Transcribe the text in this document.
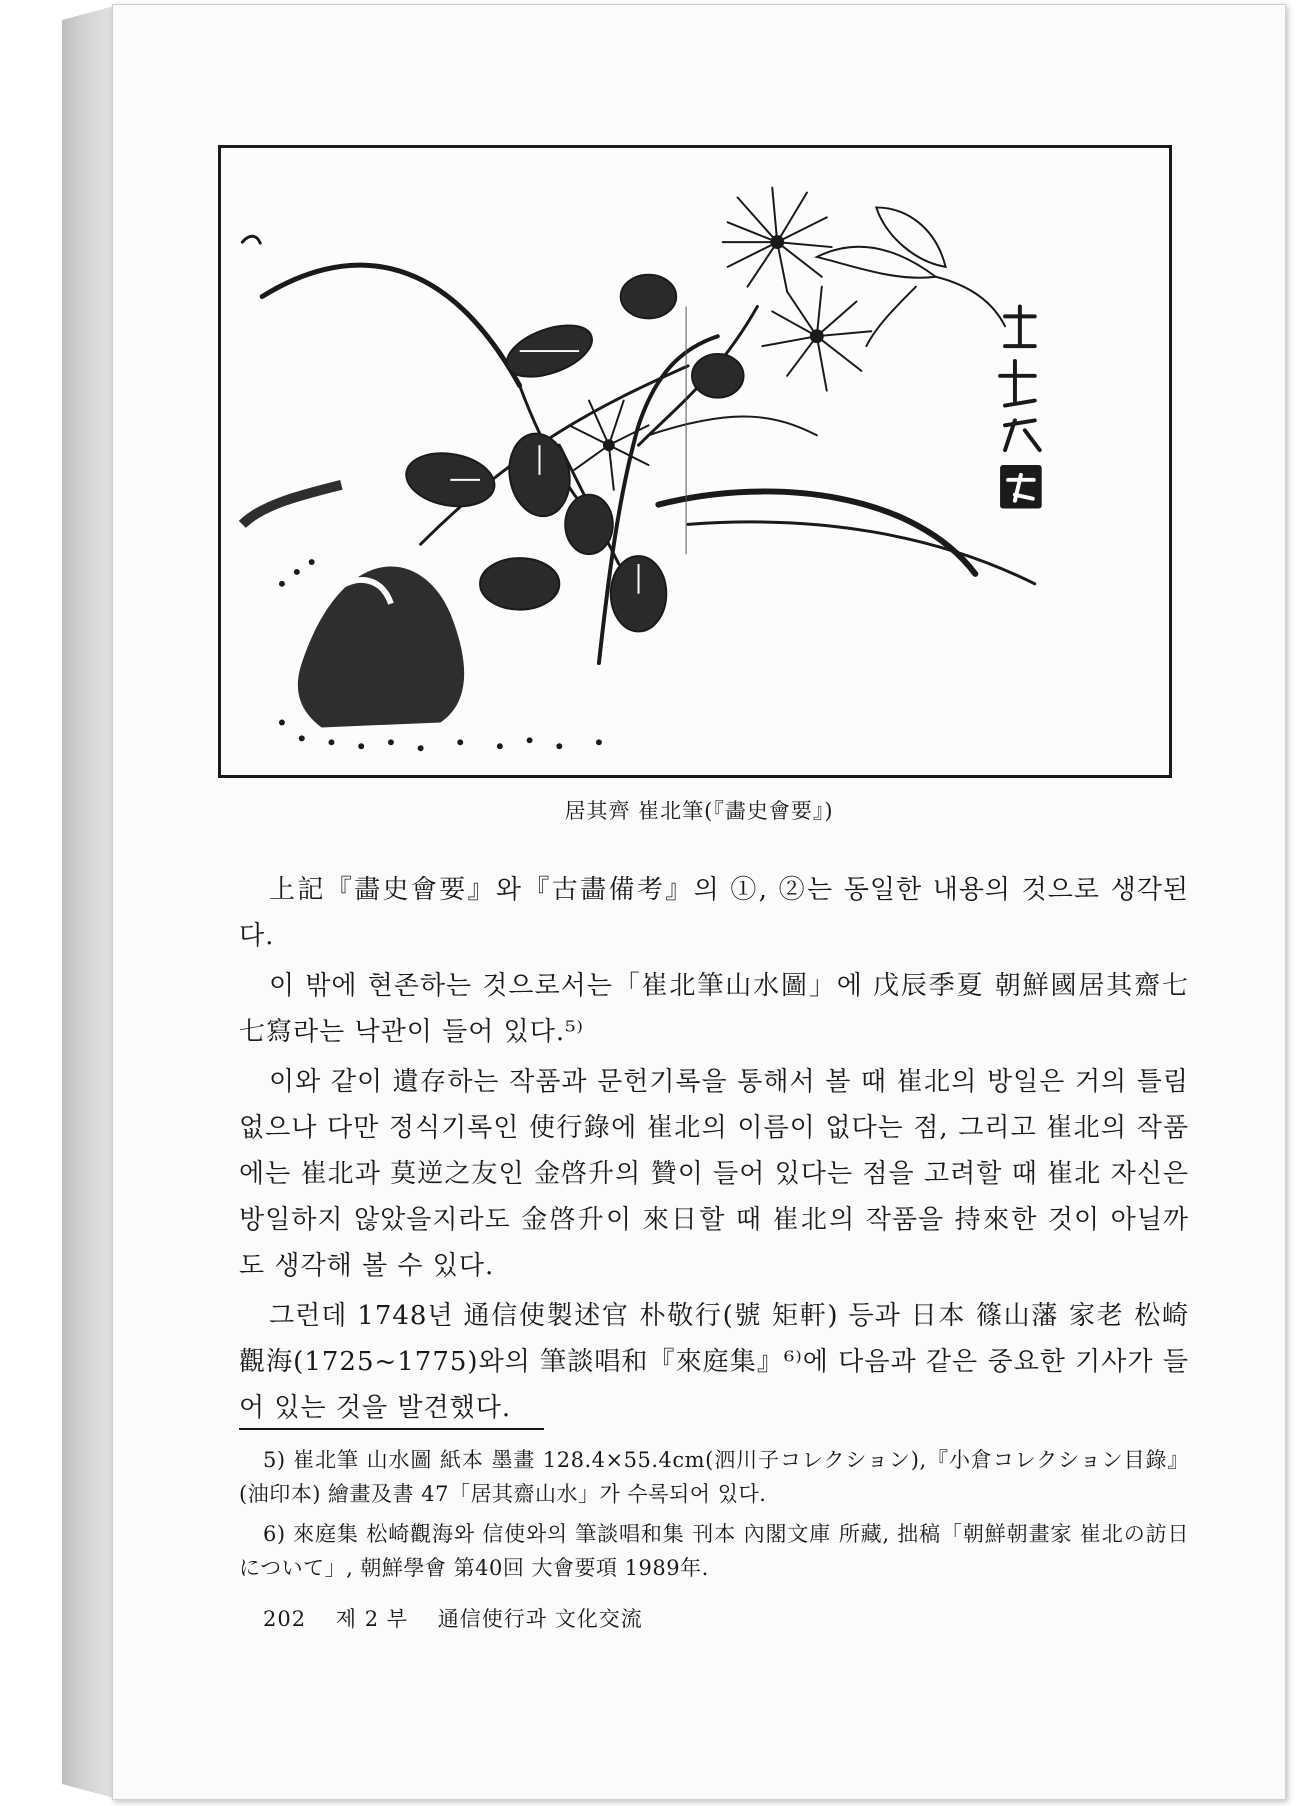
居其齊 崔北筆(『畵史會要』)

上記『畵史會要』와『古畵備考』의 ①, ②는 동일한 내용의 것으로 생각된다.

이 밖에 현존하는 것으로서는「崔北筆山水圖」에 戊辰季夏 朝鮮國居其齋七七寫라는 낙관이 들어 있다.⁵⁾

이와 같이 遺存하는 작품과 문헌기록을 통해서 볼 때 崔北의 방일은 거의 틀림없으나 다만 정식기록인 使行錄에 崔北의 이름이 없다는 점, 그리고 崔北의 작품에는 崔北과 莫逆之友인 金啓升의 贊이 들어 있다는 점을 고려할 때 崔北 자신은 방일하지 않았을지라도 金啓升이 來日할 때 崔北의 작품을 持來한 것이 아닐까도 생각해 볼 수 있다.

그런데 1748년 通信使製述官 朴敬行(號 矩軒) 등과 日本 篠山藩 家老 松崎觀海(1725~1775)와의 筆談唱和『來庭集』⁶⁾에 다음과 같은 중요한 기사가 들어 있는 것을 발견했다.

5) 崔北筆 山水圖 紙本 墨畫 128.4×55.4cm(泗川子コレクション),『小倉コレクション目錄』(油印本) 繪畫及書 47「居其齋山水」가 수록되어 있다.

6) 來庭集 松崎觀海와 信使와의 筆談唱和集 刊本 內閣文庫 所藏, 拙稿「朝鮮朝畫家 崔北の訪日について」, 朝鮮學會 第40回 大會要項 1989年.

202 제 2 부 通信使行과 文化交流
